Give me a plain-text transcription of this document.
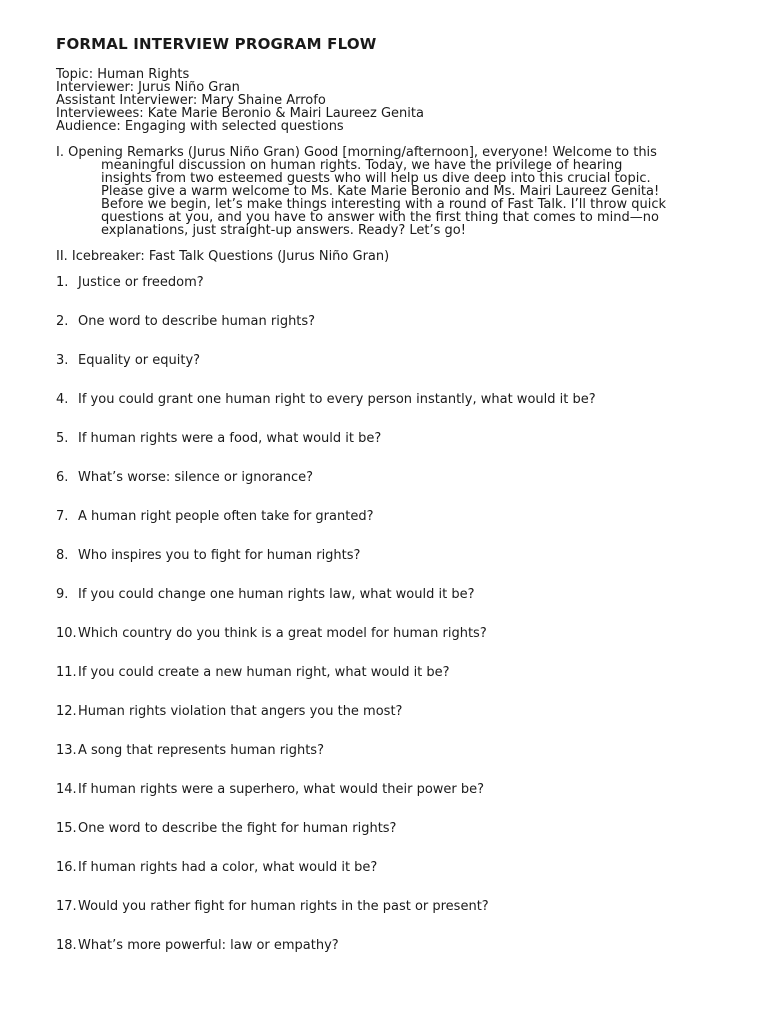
FORMAL INTERVIEW PROGRAM FLOW
Topic: Human Rights
Interviewer: Jurus Niño Gran
Assistant Interviewer: Mary Shaine Arrofo
Interviewees: Kate Marie Beronio & Mairi Laureez Genita
Audience: Engaging with selected questions
I. Opening Remarks (Jurus Niño Gran) Good [morning/afternoon], everyone! Welcome to this
meaningful discussion on human rights. Today, we have the privilege of hearing
insights from two esteemed guests who will help us dive deep into this crucial topic.
Please give a warm welcome to Ms. Kate Marie Beronio and Ms. Mairi Laureez Genita!
Before we begin, let’s make things interesting with a round of Fast Talk. I’ll throw quick
questions at you, and you have to answer with the first thing that comes to mind—no
explanations, just straight-up answers. Ready? Let’s go!
II. Icebreaker: Fast Talk Questions (Jurus Niño Gran)
1. Justice or freedom?
2. One word to describe human rights?
3. Equality or equity?
4. If you could grant one human right to every person instantly, what would it be?
5. If human rights were a food, what would it be?
6. What’s worse: silence or ignorance?
7. A human right people often take for granted?
8. Who inspires you to fight for human rights?
9. If you could change one human rights law, what would it be?
10. Which country do you think is a great model for human rights?
11. If you could create a new human right, what would it be?
12. Human rights violation that angers you the most?
13. A song that represents human rights?
14. If human rights were a superhero, what would their power be?
15. One word to describe the fight for human rights?
16. If human rights had a color, what would it be?
17. Would you rather fight for human rights in the past or present?
18. What’s more powerful: law or empathy?
